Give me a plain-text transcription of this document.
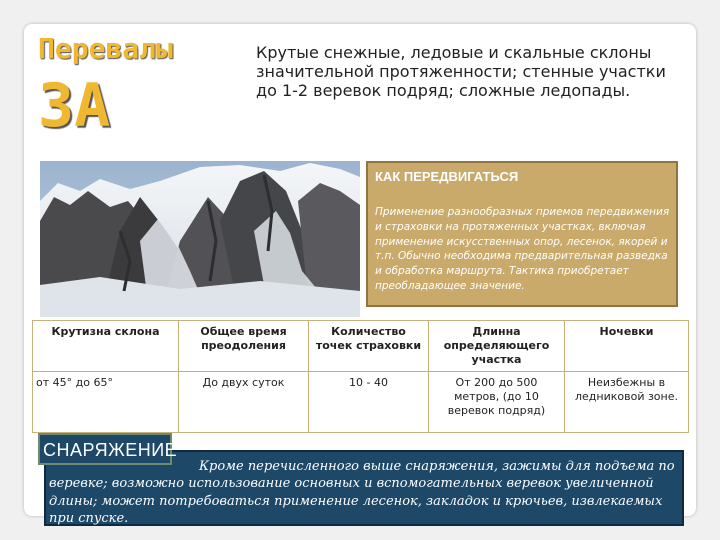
Перевалы
3А
Крутые снежные, ледовые и скальные склоны значительной протяженности; стенные участки до 1-2 веревок подряд; сложные ледопады.
КАК ПЕРЕДВИГАТЬСЯ
Применение разнообразных приемов передвижения и страховки на протяженных участках, включая применение искусственных опор, лесенок, якорей и т.п. Обычно необходима предварительная разведка и обработка маршрута. Тактика приобретает преобладающее значение.
Крутизна склона	Общее время преодоления	Количество точек страховки	Длинна определяющего участка	Ночевки
от 45° до 65°	До двух суток	10 - 40	От 200 до 500 метров, (до 10 веревок подряд)	Неизбежны в ледниковой зоне.
Кроме перечисленного выше снаряжения, зажимы для подъема по веревке; возможно использование основных и вспомогательных веревок увеличенной длины; может потребоваться применение лесенок, закладок и крючьев, извлекаемых при спуске.
СНАРЯЖЕНИЕ
